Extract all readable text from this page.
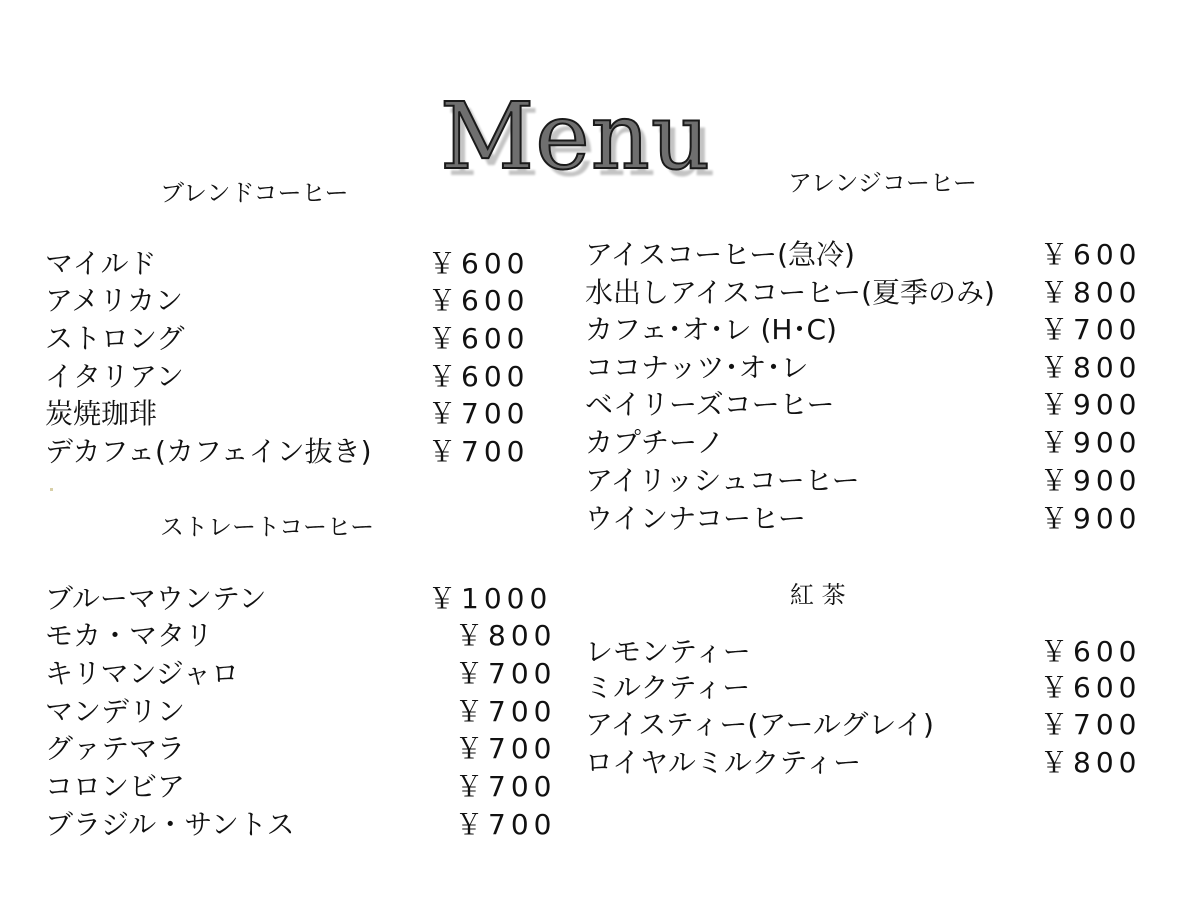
Menu
ブレンドコーヒー
マイルド	￥600
アメリカン	￥600
ストロング	￥600
イタリアン	￥600
炭焼珈琲	￥700
デカフェ(カフェイン抜き) ￥700
ストレートコーヒー
ブルーマウンテン	￥1000
モカ・マタリ	￥800
キリマンジャロ	￥700
マンデリン	￥700
グァテマラ	￥700
コロンビア	￥700
ブラジル・サントス	￥700
アレンジコーヒー
アイスコーヒー(急冷)	￥600
水出しアイスコーヒー(夏季のみ) ￥800
カフェ･オ･レ (H･C)	￥700
ココナッツ･オ･レ	￥800
ベイリーズコーヒー	￥900
カプチーノ	￥900
アイリッシュコーヒー	￥900
ウインナコーヒー	￥900
紅 茶
レモンティー	￥600
ミルクティー	￥600
アイスティー(アールグレイ)	￥700
ロイヤルミルクティー	￥800
